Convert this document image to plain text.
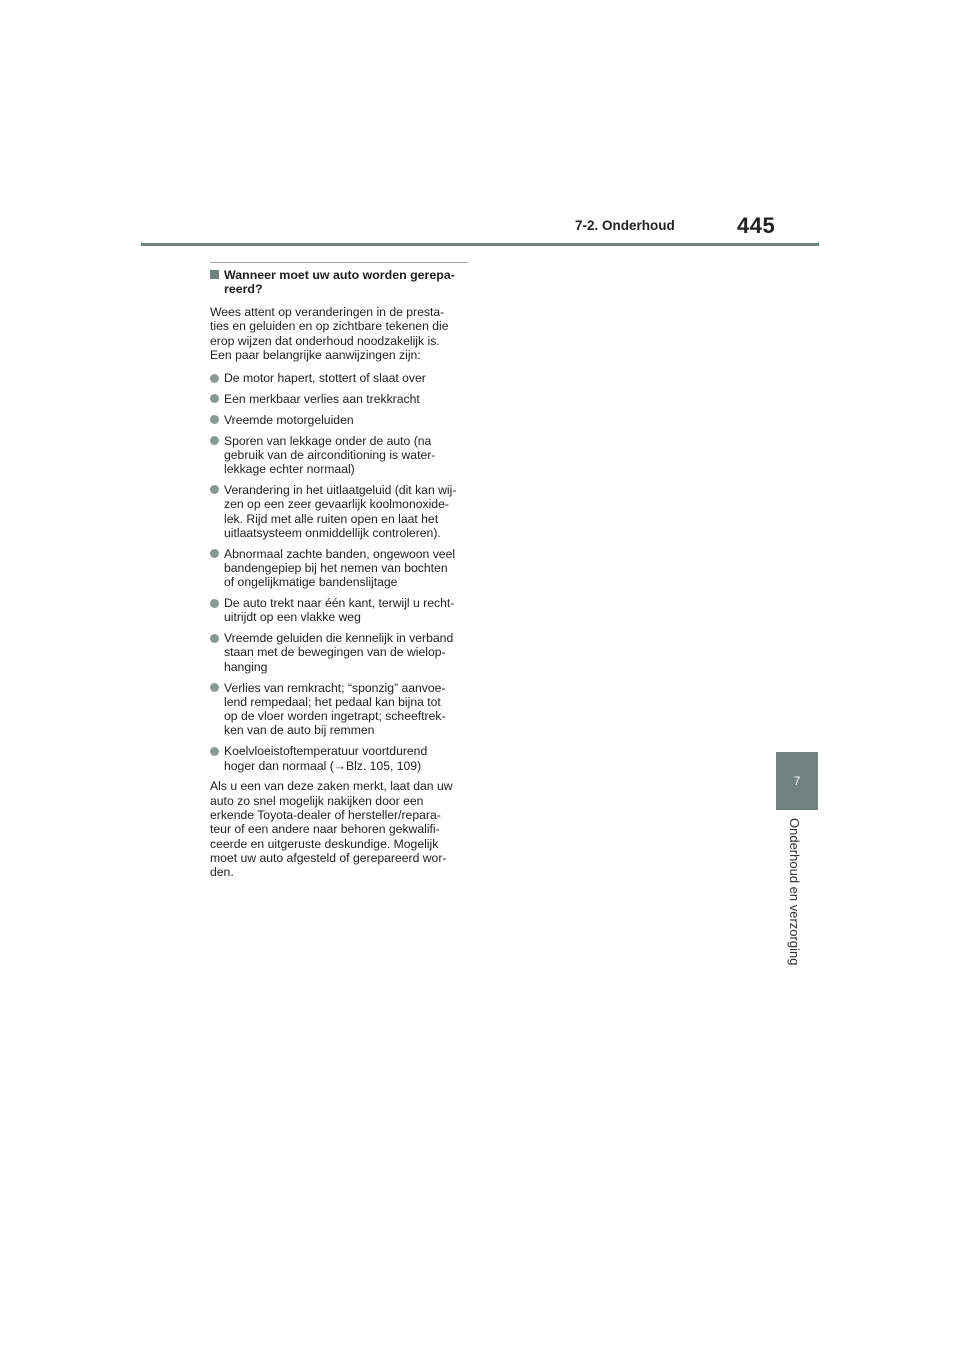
7-2. Onderhoud	445
7
Onderhoud en verzorging
Wanneer moet uw auto worden gerepa-
reerd?

Wees attent op veranderingen in de presta-
ties en geluiden en op zichtbare tekenen die
erop wijzen dat onderhoud noodzakelijk is.
Een paar belangrijke aanwijzingen zijn:

De motor hapert, stottert of slaat over
Een merkbaar verlies aan trekkracht
Vreemde motorgeluiden
Sporen van lekkage onder de auto (na
gebruik van de airconditioning is water-
lekkage echter normaal)
Verandering in het uitlaatgeluid (dit kan wij-
zen op een zeer gevaarlijk koolmonoxide-
lek. Rijd met alle ruiten open en laat het
uitlaatsysteem onmiddellijk controleren).
Abnormaal zachte banden, ongewoon veel
bandengepiep bij het nemen van bochten
of ongelijkmatige bandenslijtage
De auto trekt naar één kant, terwijl u recht-
uitrijdt op een vlakke weg
Vreemde geluiden die kennelijk in verband
staan met de bewegingen van de wielop-
hanging
Verlies van remkracht; “sponzig” aanvoe-
lend rempedaal; het pedaal kan bijna tot
op de vloer worden ingetrapt; scheeftrek-
ken van de auto bij remmen
Koelvloeistoftemperatuur voortdurend
hoger dan normaal (→Blz. 105, 109)

Als u een van deze zaken merkt, laat dan uw
auto zo snel mogelijk nakijken door een
erkende Toyota-dealer of hersteller/repara-
teur of een andere naar behoren gekwalifi-
ceerde en uitgeruste deskundige. Mogelijk
moet uw auto afgesteld of gerepareerd wor-
den.
